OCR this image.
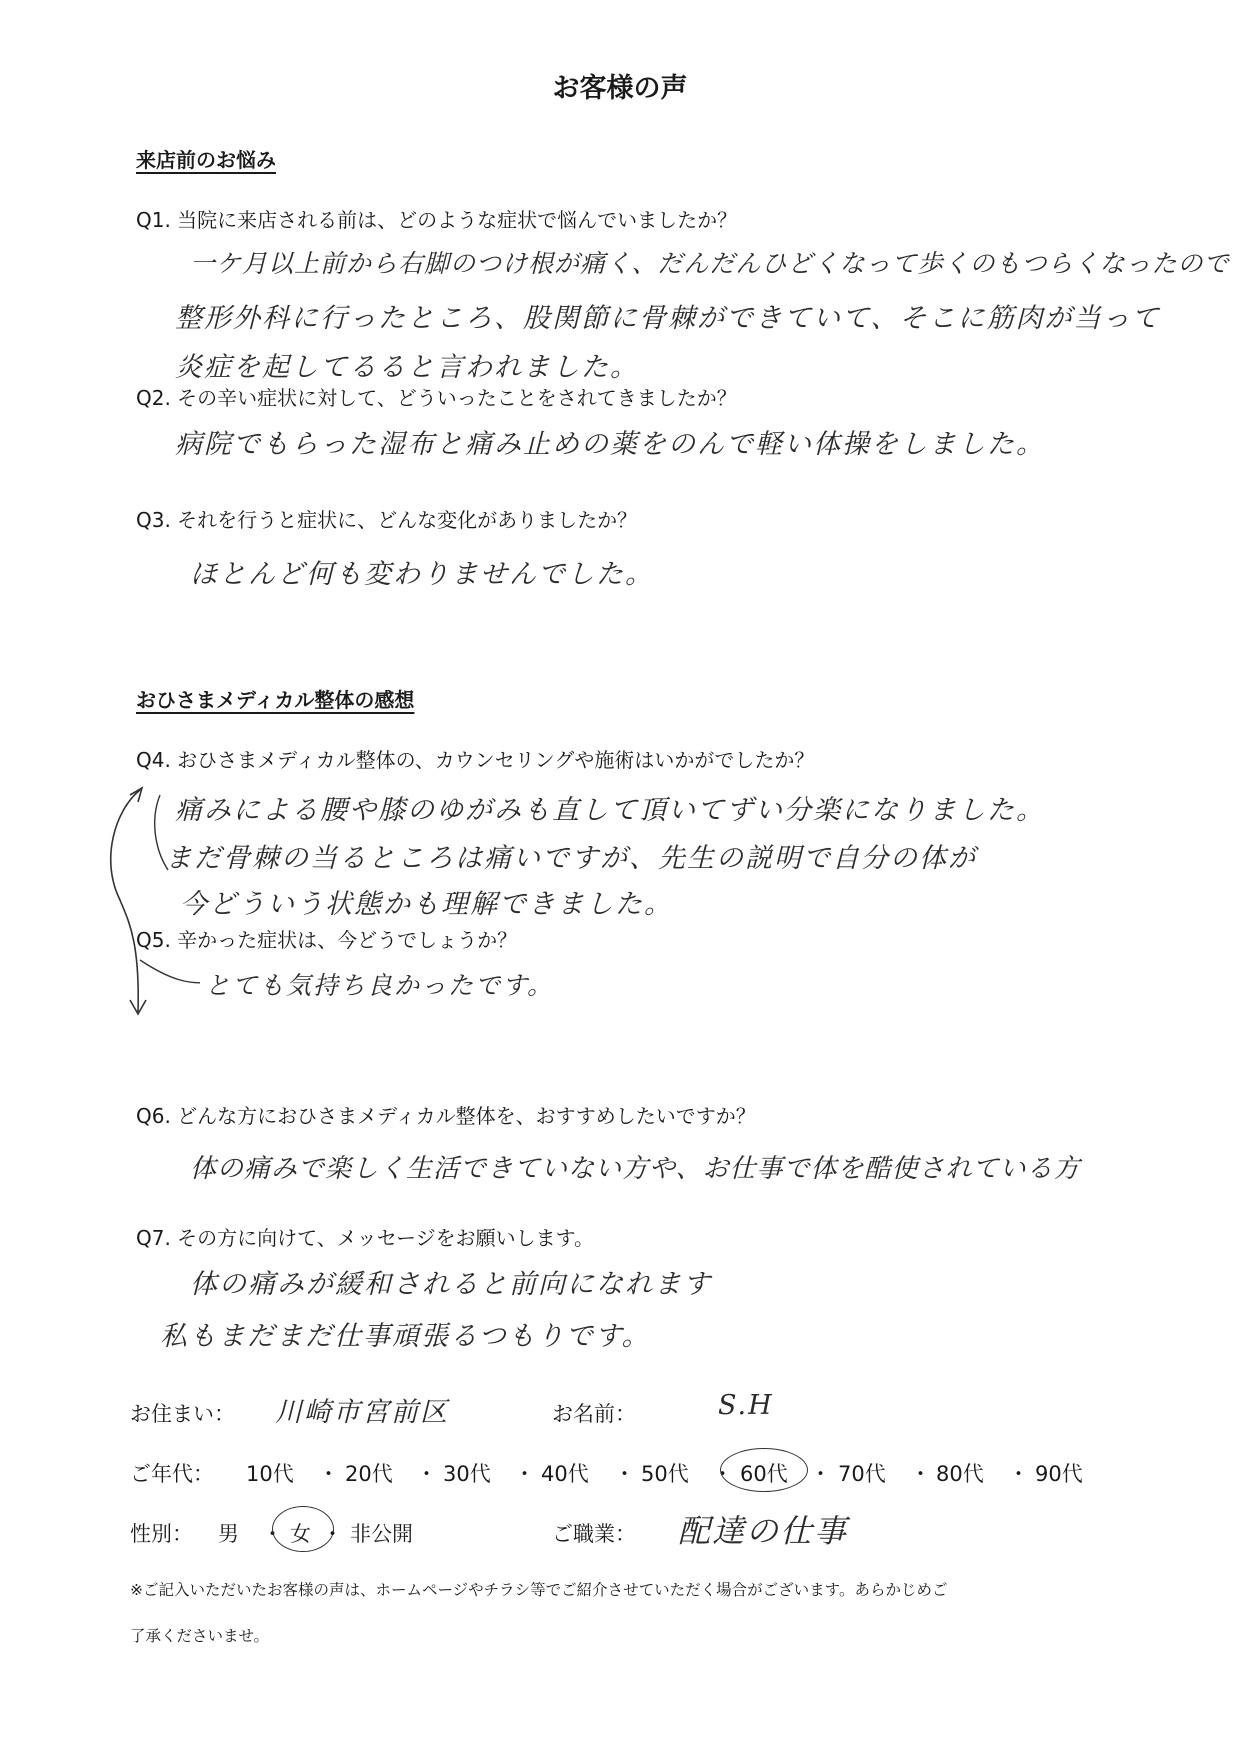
お客様の声
来店前のお悩み
Q1. 当院に来店される前は、どのような症状で悩んでいましたか？
一ケ月以上前から右脚のつけ根が痛く、だんだんひどくなって歩くのもつらくなったので
整形外科に行ったところ、股関節に骨棘ができていて、そこに筋肉が当って
炎症を起してるると言われました。
Q2. その辛い症状に対して、どういったことをされてきましたか？
病院でもらった湿布と痛み止めの薬をのんで軽い体操をしました。
Q3. それを行うと症状に、どんな変化がありましたか？
ほとんど何も変わりませんでした。
おひさまメディカル整体の感想
Q4. おひさまメディカル整体の、カウンセリングや施術はいかがでしたか？
痛みによる腰や膝のゆがみも直して頂いてずい分楽になりました。
まだ骨棘の当るところは痛いですが、先生の説明で自分の体が
今どういう状態かも理解できました。
Q5. 辛かった症状は、今どうでしょうか？
とても気持ち良かったです。
Q6. どんな方におひさまメディカル整体を、おすすめしたいですか？
体の痛みで楽しく生活できていない方や、お仕事で体を酷使されている方
Q7. その方に向けて、メッセージをお願いします。
体の痛みが緩和されると前向になれます
私もまだまだ仕事頑張るつもりです。
お住まい： 川崎市宮前区	お名前：	S.H
ご年代： 10代 ・ 20代 ・ 30代 ・ 40代 ・ 50代 ・ 60代 ・ 70代 ・ 80代 ・ 90代
性別： 男 ・ 女 ・ 非公開	ご職業： 配達の仕事
※ご記入いただいたお客様の声は、ホームページやチラシ等でご紹介させていただく場合がございます。あらかじめご
了承くださいませ。
